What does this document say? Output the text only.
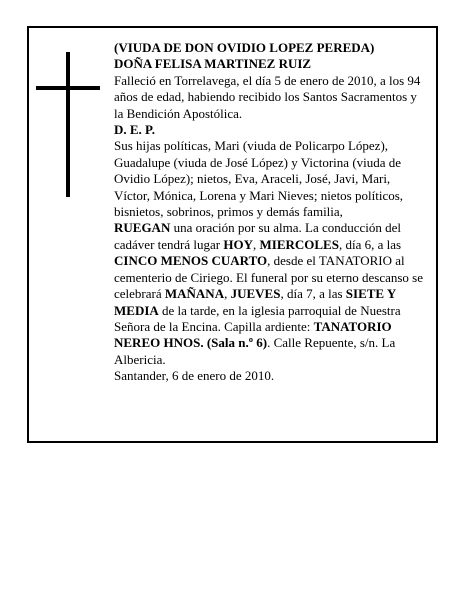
(VIUDA DE DON OVIDIO LOPEZ PEREDA)

DOÑA FELISA MARTINEZ RUIZ

Falleció en Torrelavega, el día 5 de enero de 2010, a los 94 años de edad, habiendo recibido los Santos Sacramentos y la Bendición Apostólica.

D. E. P.

Sus hijas políticas, Mari (viuda de Policarpo López), Guadalupe (viuda de José López) y Victorina (viuda de Ovidio López); nietos, Eva, Araceli, José, Javi, Mari, Víctor, Mónica, Lorena y Mari Nieves; nietos políticos, bisnietos, sobrinos, primos y demás familia,

RUEGAN una oración por su alma. La conducción del cadáver tendrá lugar HOY, MIERCOLES, día 6, a las CINCO MENOS CUARTO, desde el TANATORIO al cementerio de Ciriego. El funeral por su eterno descanso se celebrará MAÑANA, JUEVES, día 7, a las SIETE Y MEDIA de la tarde, en la iglesia parroquial de Nuestra Señora de la Encina. Capilla ardiente: TANATORIO NEREO HNOS. (Sala n.º 6). Calle Repuente, s/n. La Albericia.

Santander, 6 de enero de 2010.
